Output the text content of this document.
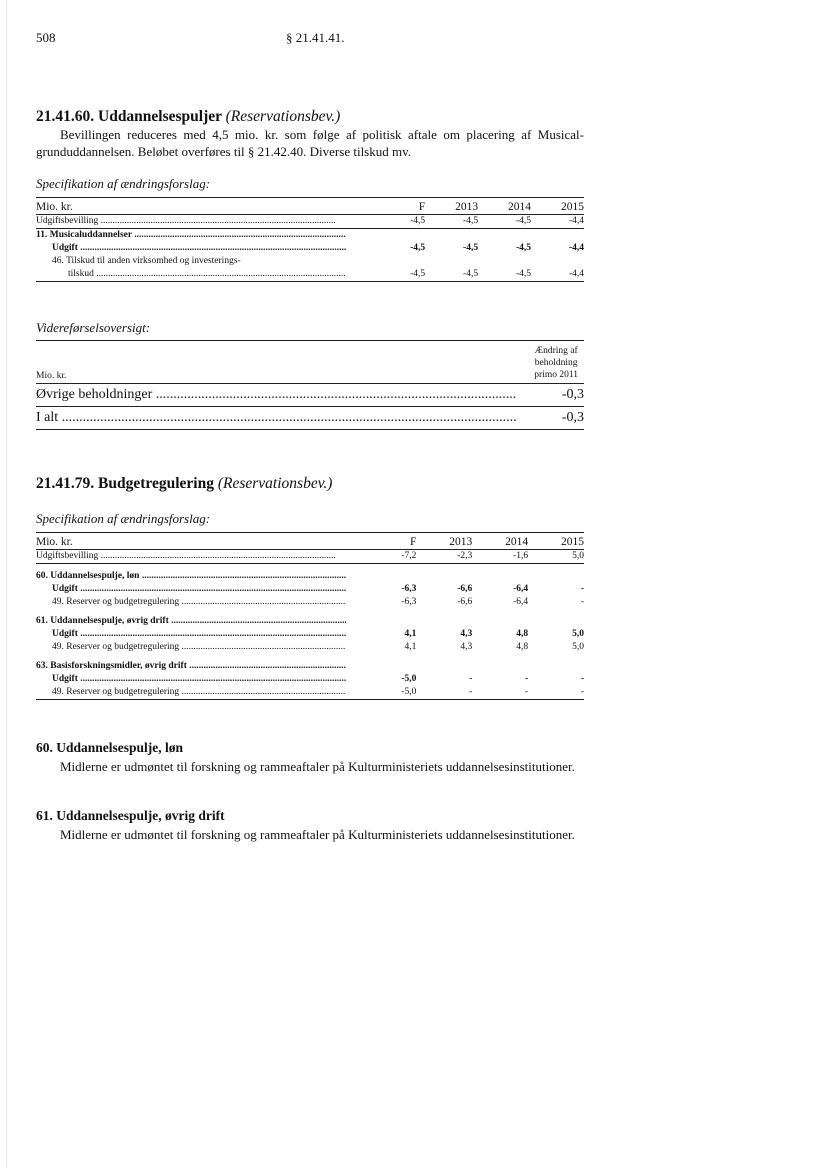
508	§ 21.41.41.
21.41.60. Uddannelsespuljer (Reservationsbev.)
Bevillingen reduceres med 4,5 mio. kr. som følge af politisk aftale om placering af Musical-grunduddannelsen. Beløbet overføres til § 21.42.40. Diverse tilskud mv.
Specifikation af ændringsforslag:
Mio. kr.	F	2013	2014	2015
Udgiftsbevilling .....	-4,5	-4,5	-4,5	-4,4
11. Musicaluddannelser .....				
Udgift .....	-4,5	-4,5	-4,5	-4,4
46. Tilskud til anden virksomhed og investerings-				
tilskud .....	-4,5	-4,5	-4,5	-4,4
Videreførselsoversigt:
Mio. kr.
Ændring af
beholdning
primo 2011
Øvrige beholdninger .....	-0,3
I alt .....	-0,3
21.41.79. Budgetregulering (Reservationsbev.)
Specifikation af ændringsforslag:
Mio. kr.	F	2013	2014	2015
Udgiftsbevilling .....	-7,2	-2,3	-1,6	5,0

60. Uddannelsespulje, løn .....				
Udgift .....	-6,3	-6,6	-6,4	-
49. Reserver og budgetregulering .....	-6,3	-6,6	-6,4	-

61. Uddannelsespulje, øvrig drift .....				
Udgift .....	4,1	4,3	4,8	5,0
49. Reserver og budgetregulering .....	4,1	4,3	4,8	5,0

63. Basisforskningsmidler, øvrig drift .....				
Udgift .....	-5,0	-	-	-
49. Reserver og budgetregulering .....	-5,0	-	-	-
60. Uddannelsespulje, løn
Midlerne er udmøntet til forskning og rammeaftaler på Kulturministeriets uddannelsesinstitutioner.
61. Uddannelsespulje, øvrig drift
Midlerne er udmøntet til forskning og rammeaftaler på Kulturministeriets uddannelsesinstitutioner.
